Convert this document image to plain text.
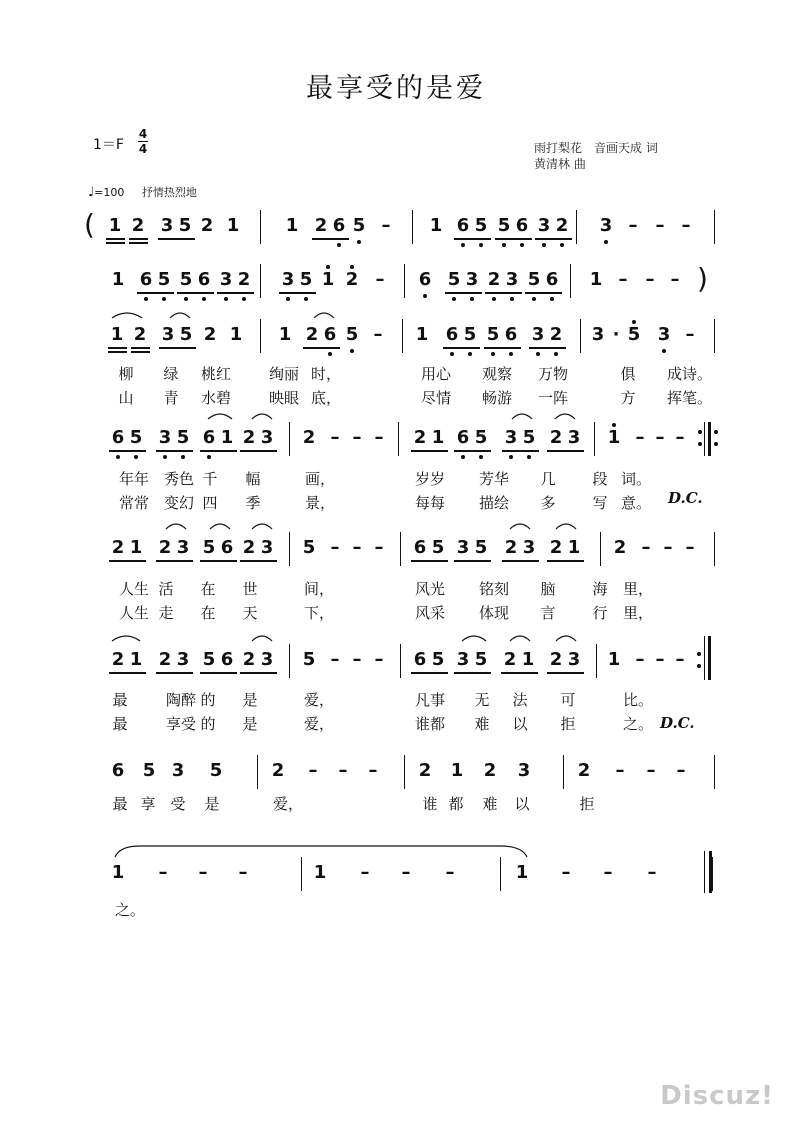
最享受的是爱
1＝F
4
4	雨打梨花　音画天成 词
黄清林 曲
♩=100 抒情热烈地
1 2 3 5 2 1	1 2 6 5 – 1 6 5 5 6 3 2 3 – – –
(
1 6 5 5 6 3 2 3 5 1 2 – 6 5 3 2 3 5 6 1 – – – )
1 2 3 5 2 1 1 2 6 5 – 1 6 5 5 6 3 2 3 · 5 3 –
6 5 3 5 6 1 2 3 2 – – – 2 1 6 5 3 5 2 3 1 – – –
2 1 2 3 5 6 2 3 5 – – – 6 5 3 5 2 3 2 1 2 – – –
2 1 2 3 5 6 2 3 5 – – – 6 5 3 5 2 1 2 3 1 – – –
6 5 3 5	2 – – – 2 1 2 3	2 – – –
1 – – –	1 – – –	1 – – –
柳 绿 桃红	绚丽 时，	用心 观察 万物	俱 成诗。
山 青 水碧	映眼 底，	尽情 畅游 一阵	方 挥笔。
年年 秀色 千 幅	画，	岁岁 芳华 几 段 词。
常常 变幻 四 季	景，	每每 描绘 多 写 意。
人生 活 在 世	间，	风光 铭刻 脑 海 里，
人生 走 在 天	下，	风采 体现 言 行 里，
最	陶醉 的 是	爱，	凡事 无 法 可	比。
最	享受 的 是	爱，	谁都 难 以 拒	之。
最 享 受 是	爱，	谁 都 难 以	拒
之。
D.C.
D.C.
Discuz!
